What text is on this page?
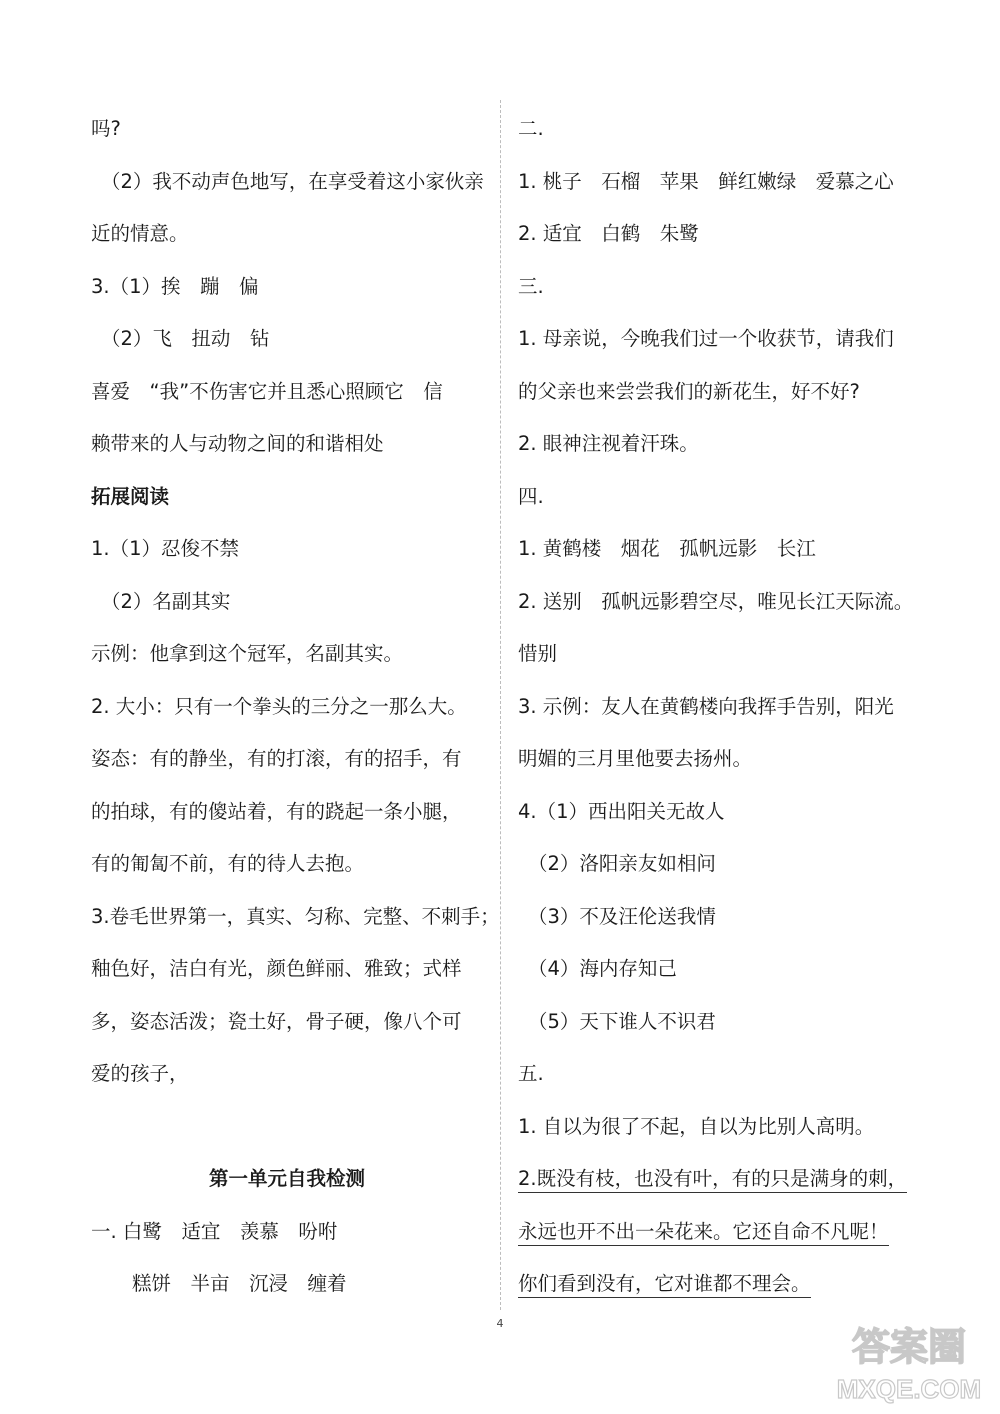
吗?
（2）我不动声色地写，在享受着这小家伙亲
近的情意。
3.（1）挨　蹦　偏
（2）飞　扭动　钻
喜爱　“我”不伤害它并且悉心照顾它　信
赖带来的人与动物之间的和谐相处
拓展阅读
1.（1）忍俊不禁
（2）名副其实
示例：他拿到这个冠军，名副其实。
2. 大小：只有一个拳头的三分之一那么大。
姿态：有的静坐，有的打滚，有的招手，有
的拍球，有的傻站着，有的跷起一条小腿，
有的匍匐不前，有的待人去抱。
3.卷毛世界第一，真实、匀称、完整、不刺手；
釉色好，洁白有光，颜色鲜丽、雅致；式样
多，姿态活泼；瓷土好，骨子硬，像八个可
爱的孩子，
第一单元自我检测
一. 白鹭　适宜　羡慕　吩咐
糕饼　半亩　沉浸　缠着
二.
1. 桃子　石榴　苹果　鲜红嫩绿　爱慕之心
2. 适宜　白鹤　朱鹭
三.
1. 母亲说，今晚我们过一个收获节，请我们
的父亲也来尝尝我们的新花生，好不好?
2. 眼神注视着汗珠。
四.
1. 黄鹤楼　烟花　孤帆远影　长江
2. 送别　孤帆远影碧空尽，唯见长江天际流。
惜别
3. 示例：友人在黄鹤楼向我挥手告别，阳光
明媚的三月里他要去扬州。
4.（1）西出阳关无故人
（2）洛阳亲友如相问
（3）不及汪伦送我情
（4）海内存知己
（5）天下谁人不识君
五.
1. 自以为很了不起，自以为比别人高明。
2.既没有枝，也没有叶，有的只是满身的刺，
永远也开不出一朵花来。它还自命不凡呢！
你们看到没有，它对谁都不理会。
4
答案圈
MXQE.COM
